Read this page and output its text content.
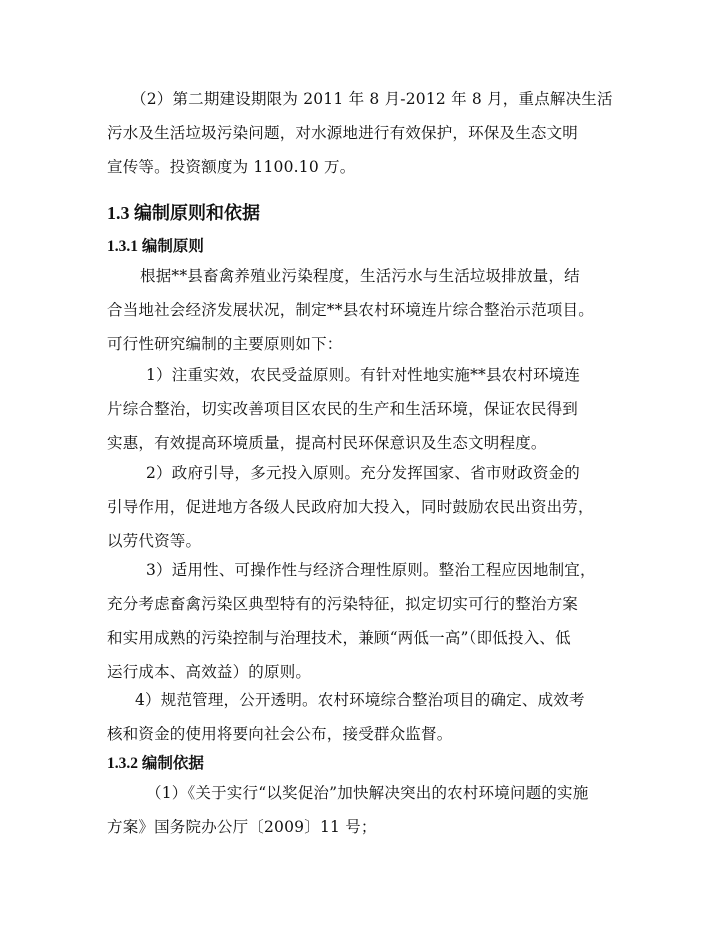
（2）第二期建设期限为 2011 年 8 月-2012 年 8 月，重点解决生活
污水及生活垃圾污染问题，对水源地进行有效保护，环保及生态文明
宣传等。投资额度为 1100.10 万。

1.3 编制原则和依据
1.3.1 编制原则

根据**县畜禽养殖业污染程度，生活污水与生活垃圾排放量，结
合当地社会经济发展状况，制定**县农村环境连片综合整治示范项目。
可行性研究编制的主要原则如下：

1）注重实效，农民受益原则。有针对性地实施**县农村环境连
片综合整治，切实改善项目区农民的生产和生活环境，保证农民得到
实惠，有效提高环境质量，提高村民环保意识及生态文明程度。

2）政府引导，多元投入原则。充分发挥国家、省市财政资金的
引导作用，促进地方各级人民政府加大投入，同时鼓励农民出资出劳，
以劳代资等。

3）适用性、可操作性与经济合理性原则。整治工程应因地制宜，
充分考虑畜禽污染区典型特有的污染特征，拟定切实可行的整治方案
和实用成熟的污染控制与治理技术，兼顾“两低一高”（即低投入、低
运行成本、高效益）的原则。

4）规范管理，公开透明。农村环境综合整治项目的确定、成效考
核和资金的使用将要向社会公布，接受群众监督。

1.3.2 编制依据

（1）《关于实行“以奖促治”加快解决突出的农村环境问题的实施
方案》国务院办公厅〔2009〕11 号；
